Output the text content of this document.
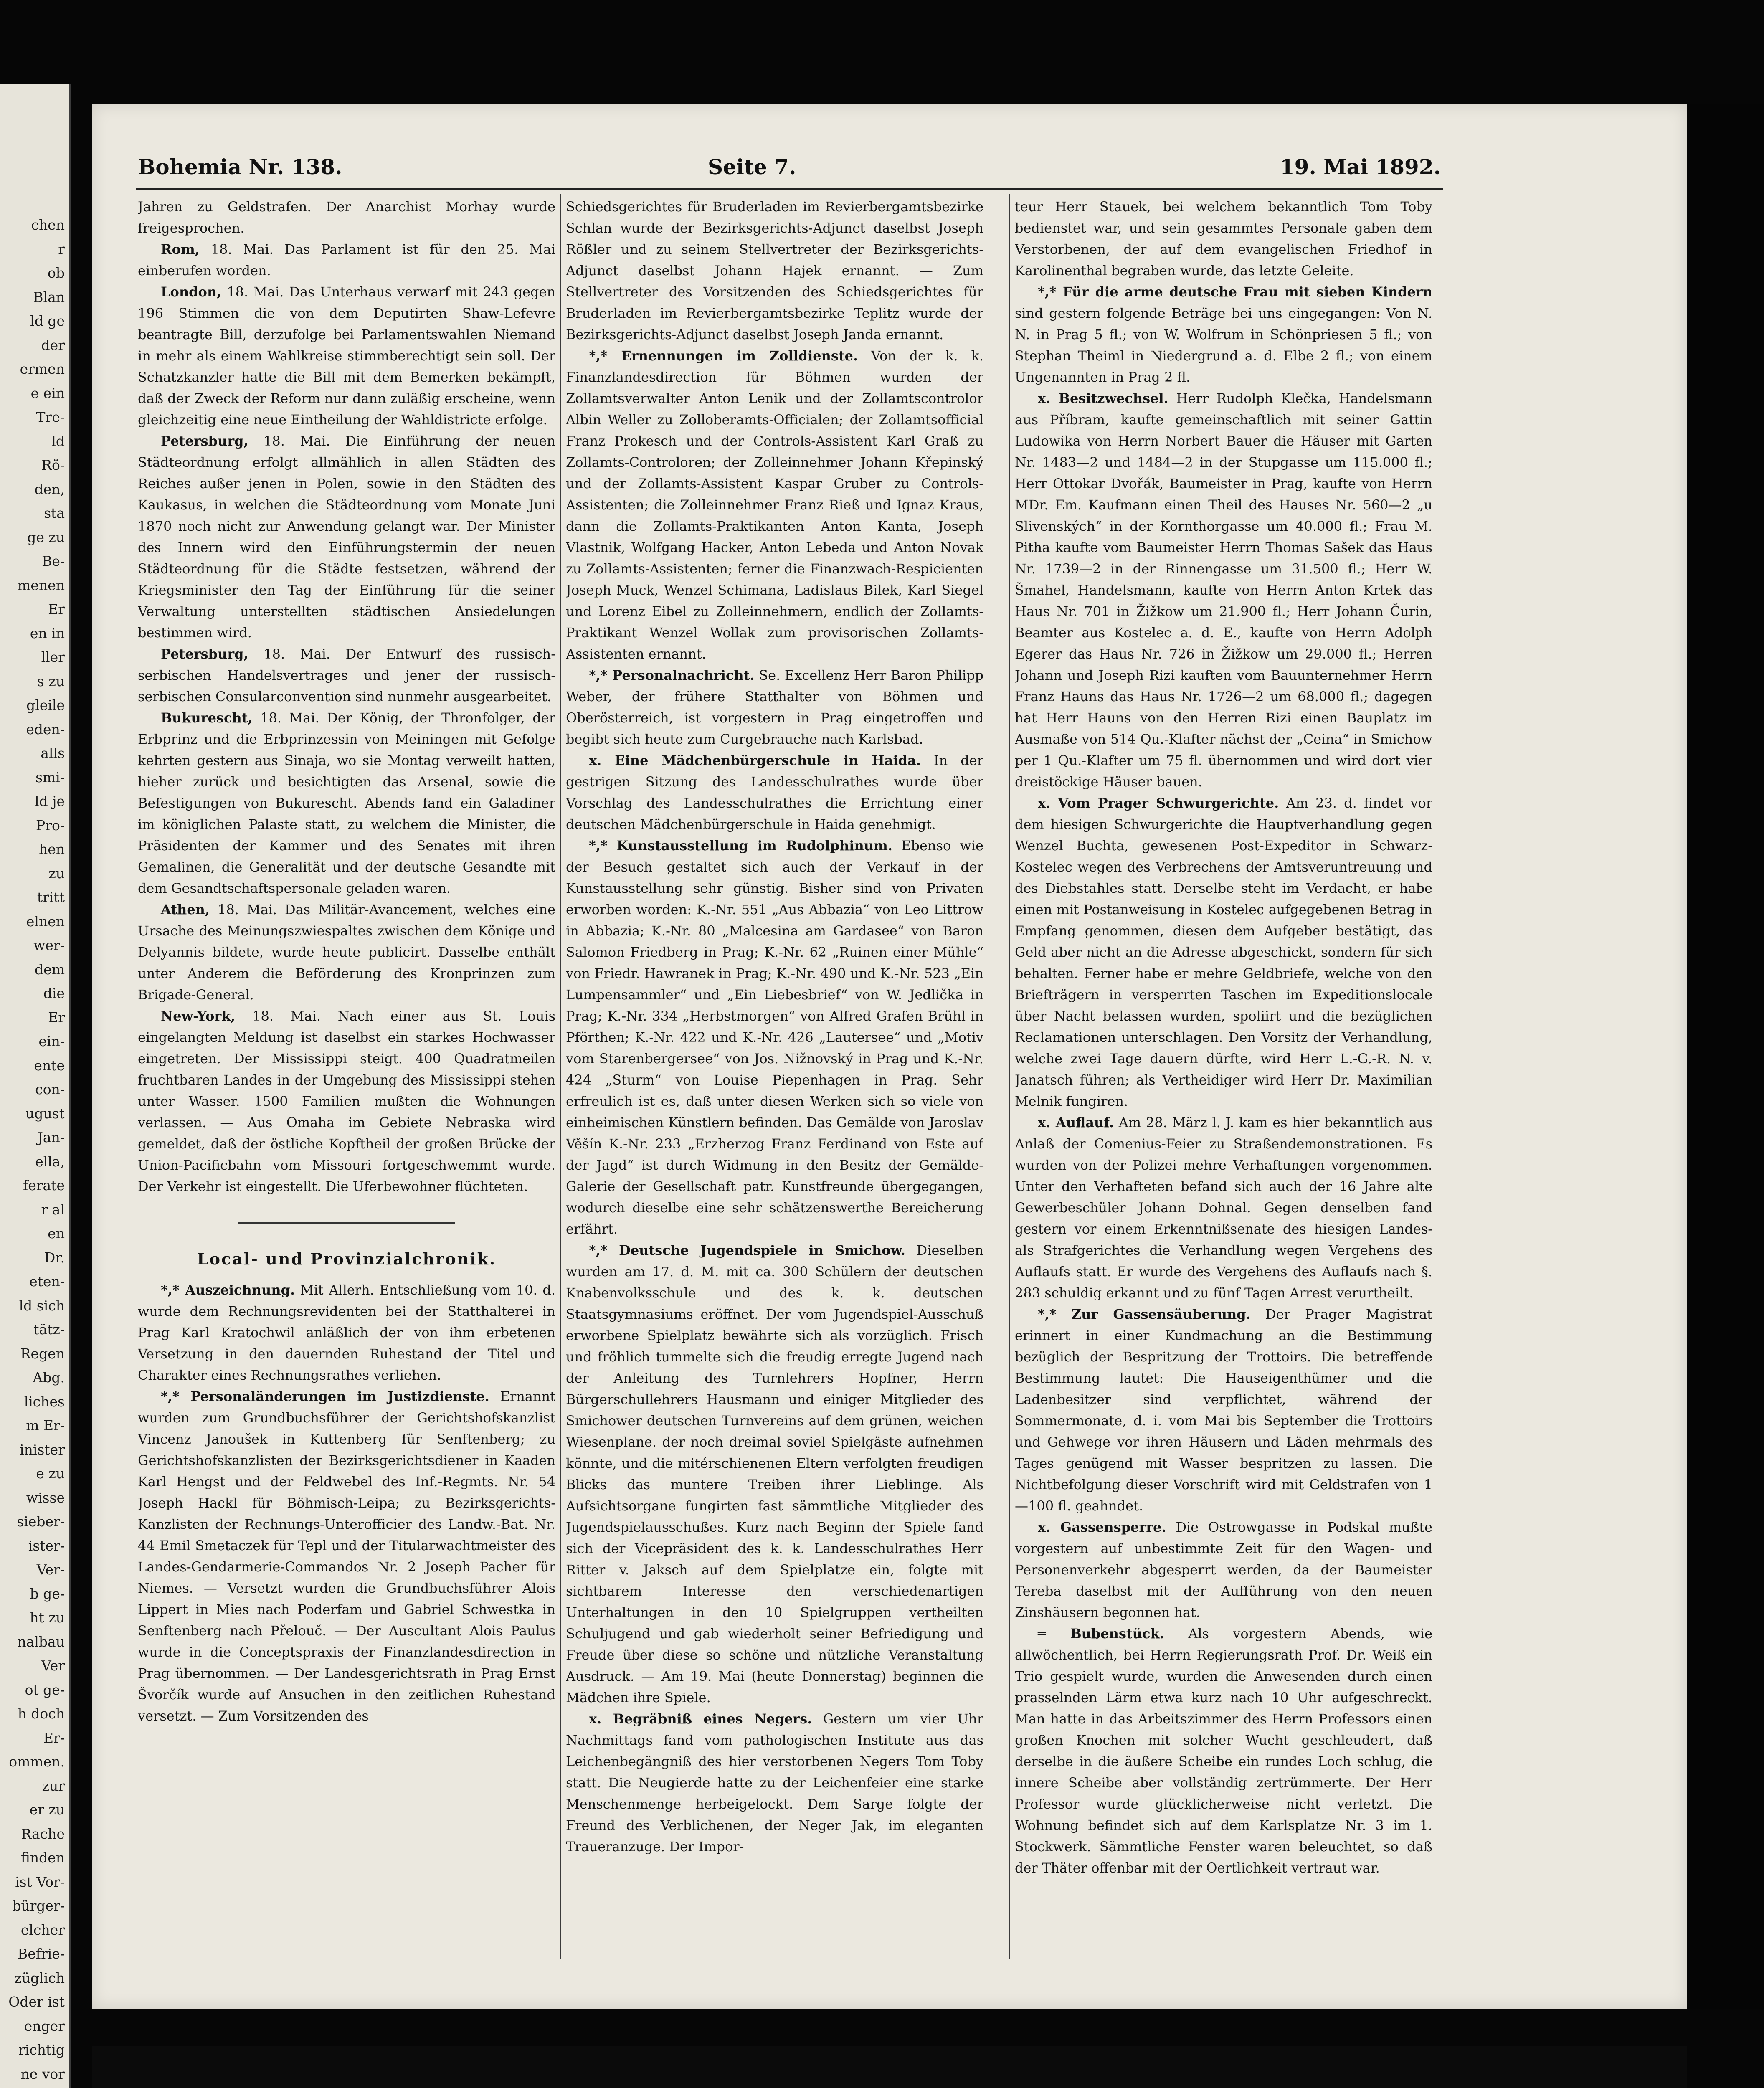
chen
r
ob
Blan
ld ge
der
ermen
e ein
Tre-
ld
Rö-
den,
sta
ge zu
Be-
menen
Er
en in
ller
s zu
gleile
eden-
alls
smi-
ld je
Pro-
hen
zu
tritt
elnen
wer-
dem
die
Er
ein-
ente
con-
ugust
Jan-
ella,
ferate
r al
en
Dr.
eten-
ld sich
tätz-
Regen
Abg.
liches
m Er-
inister
e zu
wisse
sieber-
ister-
Ver-
b ge-
ht zu
nalbau
Ver
ot ge-
h doch
Er-
ommen.
zur
er zu
Rache
finden
ist Vor-
bürger-
elcher
Befrie-
züglich
Oder ist
enger
richtig
ne vor
Bohemia Nr. 138.	Seite 7.	19. Mai 1892.

Jahren zu Geldstrafen. Der Anarchist Morhay wurde freigesprochen.

Rom, 18. Mai. Das Parlament ist für den 25. Mai einberufen worden.

London, 18. Mai. Das Unterhaus verwarf mit 243 gegen 196 Stimmen die von dem Deputirten Shaw-Lefevre beantragte Bill, derzufolge bei Parlamentswahlen Niemand in mehr als einem Wahlkreise stimmberechtigt sein soll. Der Schatzkanzler hatte die Bill mit dem Bemerken bekämpft, daß der Zweck der Reform nur dann zuläßig erscheine, wenn gleichzeitig eine neue Eintheilung der Wahldistricte erfolge.

Petersburg, 18. Mai. Die Einführung der neuen Städteordnung erfolgt allmählich in allen Städten des Reiches außer jenen in Polen, sowie in den Städten des Kaukasus, in welchen die Städteordnung vom Monate Juni 1870 noch nicht zur Anwendung gelangt war. Der Minister des Innern wird den Einführungstermin der neuen Städteordnung für die Städte festsetzen, während der Kriegsminister den Tag der Einführung für die seiner Verwaltung unterstellten städtischen Ansiedelungen bestimmen wird.

Petersburg, 18. Mai. Der Entwurf des russisch-serbischen Handelsvertrages und jener der russisch-serbischen Consularconvention sind nunmehr ausgearbeitet.

Bukurescht, 18. Mai. Der König, der Thronfolger, der Erbprinz und die Erbprinzessin von Meiningen mit Gefolge kehrten gestern aus Sinaja, wo sie Montag verweilt hatten, hieher zurück und besichtigten das Arsenal, sowie die Befestigungen von Bukurescht. Abends fand ein Galadiner im königlichen Palaste statt, zu welchem die Minister, die Präsidenten der Kammer und des Senates mit ihren Gemalinen, die Generalität und der deutsche Gesandte mit dem Gesandtschaftspersonale geladen waren.

Athen, 18. Mai. Das Militär-Avancement, welches eine Ursache des Meinungszwiespaltes zwischen dem Könige und Delyannis bildete, wurde heute publicirt. Dasselbe enthält unter Anderem die Beförderung des Kronprinzen zum Brigade-General.

New-York, 18. Mai. Nach einer aus St. Louis eingelangten Meldung ist daselbst ein starkes Hochwasser eingetreten. Der Mississippi steigt. 400 Quadratmeilen fruchtbaren Landes in der Umgebung des Mississippi stehen unter Wasser. 1500 Familien mußten die Wohnungen verlassen. — Aus Omaha im Gebiete Nebraska wird gemeldet, daß der östliche Kopftheil der großen Brücke der Union-Pacificbahn vom Missouri fortgeschwemmt wurde. Der Verkehr ist eingestellt. Die Uferbewohner flüchteten.

Local- und Provinzialchronik.

*,* Auszeichnung. Mit Allerh. Entschließung vom 10. d. wurde dem Rechnungsrevidenten bei der Statthalterei in Prag Karl Kratochwil anläßlich der von ihm erbetenen Versetzung in den dauernden Ruhestand der Titel und Charakter eines Rechnungsrathes verliehen.

*,* Personaländerungen im Justizdienste. Ernannt wurden zum Grundbuchsführer der Gerichtshofskanzlist Vincenz Janoušek in Kuttenberg für Senftenberg; zu Gerichtshofskanzlisten der Bezirksgerichtsdiener in Kaaden Karl Hengst und der Feldwebel des Inf.-Regmts. Nr. 54 Joseph Hackl für Böhmisch-Leipa; zu Bezirksgerichts-Kanzlisten der Rechnungs-Unterofficier des Landw.-Bat. Nr. 44 Emil Smetaczek für Tepl und der Titularwachtmeister des Landes-Gendarmerie-Commandos Nr. 2 Joseph Pacher für Niemes. — Versetzt wurden die Grundbuchsführer Alois Lippert in Mies nach Poderfam und Gabriel Schwestka in Senftenberg nach Přelouč. — Der Auscultant Alois Paulus wurde in die Conceptspraxis der Finanzlandesdirection in Prag übernommen. — Der Landesgerichtsrath in Prag Ernst Švorčík wurde auf Ansuchen in den zeitlichen Ruhestand versetzt. — Zum Vorsitzenden des

Schiedsgerichtes für Bruderladen im Revierbergamtsbezirke Schlan wurde der Bezirksgerichts-Adjunct daselbst Joseph Rößler und zu seinem Stellvertreter der Bezirksgerichts-Adjunct daselbst Johann Hajek ernannt. — Zum Stellvertreter des Vorsitzenden des Schiedsgerichtes für Bruderladen im Revierbergamtsbezirke Teplitz wurde der Bezirksgerichts-Adjunct daselbst Joseph Janda ernannt.

*,* Ernennungen im Zolldienste. Von der k. k. Finanzlandesdirection für Böhmen wurden der Zollamtsverwalter Anton Lenik und der Zollamtscontrolor Albin Weller zu Zolloberamts-Officialen; der Zollamtsofficial Franz Prokesch und der Controls-Assistent Karl Graß zu Zollamts-Controloren; der Zolleinnehmer Johann Křepinský und der Zollamts-Assistent Kaspar Gruber zu Controls-Assistenten; die Zolleinnehmer Franz Rieß und Ignaz Kraus, dann die Zollamts-Praktikanten Anton Kanta, Joseph Vlastnik, Wolfgang Hacker, Anton Lebeda und Anton Novak zu Zollamts-Assistenten; ferner die Finanzwach-Respicienten Joseph Muck, Wenzel Schimana, Ladislaus Bilek, Karl Siegel und Lorenz Eibel zu Zolleinnehmern, endlich der Zollamts-Praktikant Wenzel Wollak zum provisorischen Zollamts-Assistenten ernannt.

*,* Personalnachricht. Se. Excellenz Herr Baron Philipp Weber, der frühere Statthalter von Böhmen und Oberösterreich, ist vorgestern in Prag eingetroffen und begibt sich heute zum Curgebrauche nach Karlsbad.

x. Eine Mädchenbürgerschule in Haida. In der gestrigen Sitzung des Landesschulrathes wurde über Vorschlag des Landesschulrathes die Errichtung einer deutschen Mädchenbürgerschule in Haida genehmigt.

*,* Kunstausstellung im Rudolphinum. Ebenso wie der Besuch gestaltet sich auch der Verkauf in der Kunstausstellung sehr günstig. Bisher sind von Privaten erworben worden: K.-Nr. 551 „Aus Abbazia“ von Leo Littrow in Abbazia; K.-Nr. 80 „Malcesina am Gardasee“ von Baron Salomon Friedberg in Prag; K.-Nr. 62 „Ruinen einer Mühle“ von Friedr. Hawranek in Prag; K.-Nr. 490 und K.-Nr. 523 „Ein Lumpensammler“ und „Ein Liebesbrief“ von W. Jedlička in Prag; K.-Nr. 334 „Herbstmorgen“ von Alfred Grafen Brühl in Pförthen; K.-Nr. 422 und K.-Nr. 426 „Lautersee“ und „Motiv vom Starenbergersee“ von Jos. Nižnovský in Prag und K.-Nr. 424 „Sturm“ von Louise Piepenhagen in Prag. Sehr erfreulich ist es, daß unter diesen Werken sich so viele von einheimischen Künstlern befinden. Das Gemälde von Jaroslav Věšín K.-Nr. 233 „Erzherzog Franz Ferdinand von Este auf der Jagd“ ist durch Widmung in den Besitz der Gemälde-Galerie der Gesellschaft patr. Kunstfreunde übergegangen, wodurch dieselbe eine sehr schätzenswerthe Bereicherung erfährt.

*,* Deutsche Jugendspiele in Smichow. Dieselben wurden am 17. d. M. mit ca. 300 Schülern der deutschen Knabenvolksschule und des k. k. deutschen Staatsgymnasiums eröffnet. Der vom Jugendspiel-Ausschuß erworbene Spielplatz bewährte sich als vorzüglich. Frisch und fröhlich tummelte sich die freudig erregte Jugend nach der Anleitung des Turnlehrers Hopfner, Herrn Bürgerschullehrers Hausmann und einiger Mitglieder des Smichower deutschen Turnvereins auf dem grünen, weichen Wiesenplane. der noch dreimal soviel Spielgäste aufnehmen könnte, und die mitérschienenen Eltern verfolgten freudigen Blicks das muntere Treiben ihrer Lieblinge. Als Aufsichtsorgane fungirten fast sämmtliche Mitglieder des Jugendspielausschußes. Kurz nach Beginn der Spiele fand sich der Vicepräsident des k. k. Landesschulrathes Herr Ritter v. Jaksch auf dem Spielplatze ein, folgte mit sichtbarem Interesse den verschiedenartigen Unterhaltungen in den 10 Spielgruppen vertheilten Schuljugend und gab wiederholt seiner Befriedigung und Freude über diese so schöne und nützliche Veranstaltung Ausdruck. — Am 19. Mai (heute Donnerstag) beginnen die Mädchen ihre Spiele.

x. Begräbniß eines Negers. Gestern um vier Uhr Nachmittags fand vom pathologischen Institute aus das Leichenbegängniß des hier verstorbenen Negers Tom Toby statt. Die Neugierde hatte zu der Leichenfeier eine starke Menschenmenge herbeigelockt. Dem Sarge folgte der Freund des Verblichenen, der Neger Jak, im eleganten Traueranzuge. Der Impor-

teur Herr Stauek, bei welchem bekanntlich Tom Toby bedienstet war, und sein gesammtes Personale gaben dem Verstorbenen, der auf dem evangelischen Friedhof in Karolinenthal begraben wurde, das letzte Geleite.

*,* Für die arme deutsche Frau mit sieben Kindern sind gestern folgende Beträge bei uns eingegangen: Von N. N. in Prag 5 fl.; von W. Wolfrum in Schönpriesen 5 fl.; von Stephan Theiml in Niedergrund a. d. Elbe 2 fl.; von einem Ungenannten in Prag 2 fl.

x. Besitzwechsel. Herr Rudolph Klečka, Handelsmann aus Příbram, kaufte gemeinschaftlich mit seiner Gattin Ludowika von Herrn Norbert Bauer die Häuser mit Garten Nr. 1483—2 und 1484—2 in der Stupgasse um 115.000 fl.; Herr Ottokar Dvořák, Baumeister in Prag, kaufte von Herrn MDr. Em. Kaufmann einen Theil des Hauses Nr. 560—2 „u Slivenských“ in der Kornthorgasse um 40.000 fl.; Frau M. Pitha kaufte vom Baumeister Herrn Thomas Sašek das Haus Nr. 1739—2 in der Rinnengasse um 31.500 fl.; Herr W. Šmahel, Handelsmann, kaufte von Herrn Anton Krtek das Haus Nr. 701 in Žižkow um 21.900 fl.; Herr Johann Čurin, Beamter aus Kostelec a. d. E., kaufte von Herrn Adolph Egerer das Haus Nr. 726 in Žižkow um 29.000 fl.; Herren Johann und Joseph Rizi kauften vom Bauunternehmer Herrn Franz Hauns das Haus Nr. 1726—2 um 68.000 fl.; dagegen hat Herr Hauns von den Herren Rizi einen Bauplatz im Ausmaße von 514 Qu.-Klafter nächst der „Ceina“ in Smichow per 1 Qu.-Klafter um 75 fl. übernommen und wird dort vier dreistöckige Häuser bauen.

x. Vom Prager Schwurgerichte. Am 23. d. findet vor dem hiesigen Schwurgerichte die Hauptverhandlung gegen Wenzel Buchta, gewesenen Post-Expeditor in Schwarz-Kostelec wegen des Verbrechens der Amtsveruntreuung und des Diebstahles statt. Derselbe steht im Verdacht, er habe einen mit Postanweisung in Kostelec aufgegebenen Betrag in Empfang genommen, diesen dem Aufgeber bestätigt, das Geld aber nicht an die Adresse abgeschickt, sondern für sich behalten. Ferner habe er mehre Geldbriefe, welche von den Briefträgern in versperrten Taschen im Expeditionslocale über Nacht belassen wurden, spoliirt und die bezüglichen Reclamationen unterschlagen. Den Vorsitz der Verhandlung, welche zwei Tage dauern dürfte, wird Herr L.-G.-R. N. v. Janatsch führen; als Vertheidiger wird Herr Dr. Maximilian Melnik fungiren.

x. Auflauf. Am 28. März l. J. kam es hier bekanntlich aus Anlaß der Comenius-Feier zu Straßendemonstrationen. Es wurden von der Polizei mehre Verhaftungen vorgenommen. Unter den Verhafteten befand sich auch der 16 Jahre alte Gewerbeschüler Johann Dohnal. Gegen denselben fand gestern vor einem Erkenntnißsenate des hiesigen Landes- als Strafgerichtes die Verhandlung wegen Vergehens des Auflaufs statt. Er wurde des Vergehens des Auflaufs nach §. 283 schuldig erkannt und zu fünf Tagen Arrest verurtheilt.

*,* Zur Gassensäuberung. Der Prager Magistrat erinnert in einer Kundmachung an die Bestimmung bezüglich der Bespritzung der Trottoirs. Die betreffende Bestimmung lautet: Die Hauseigenthümer und die Ladenbesitzer sind verpflichtet, während der Sommermonate, d. i. vom Mai bis September die Trottoirs und Gehwege vor ihren Häusern und Läden mehrmals des Tages genügend mit Wasser bespritzen zu lassen. Die Nichtbefolgung dieser Vorschrift wird mit Geldstrafen von 1—100 fl. geahndet.

x. Gassensperre. Die Ostrowgasse in Podskal mußte vorgestern auf unbestimmte Zeit für den Wagen- und Personenverkehr abgesperrt werden, da der Baumeister Tereba daselbst mit der Aufführung von den neuen Zinshäusern begonnen hat.

═ Bubenstück. Als vorgestern Abends, wie allwöchentlich, bei Herrn Regierungsrath Prof. Dr. Weiß ein Trio gespielt wurde, wurden die Anwesenden durch einen prasselnden Lärm etwa kurz nach 10 Uhr aufgeschreckt. Man hatte in das Arbeitszimmer des Herrn Professors einen großen Knochen mit solcher Wucht geschleudert, daß derselbe in die äußere Scheibe ein rundes Loch schlug, die innere Scheibe aber vollständig zertrümmerte. Der Herr Professor wurde glücklicherweise nicht verletzt. Die Wohnung befindet sich auf dem Karlsplatze Nr. 3 im 1. Stockwerk. Sämmtliche Fenster waren beleuchtet, so daß der Thäter offenbar mit der Oertlichkeit vertraut war.
